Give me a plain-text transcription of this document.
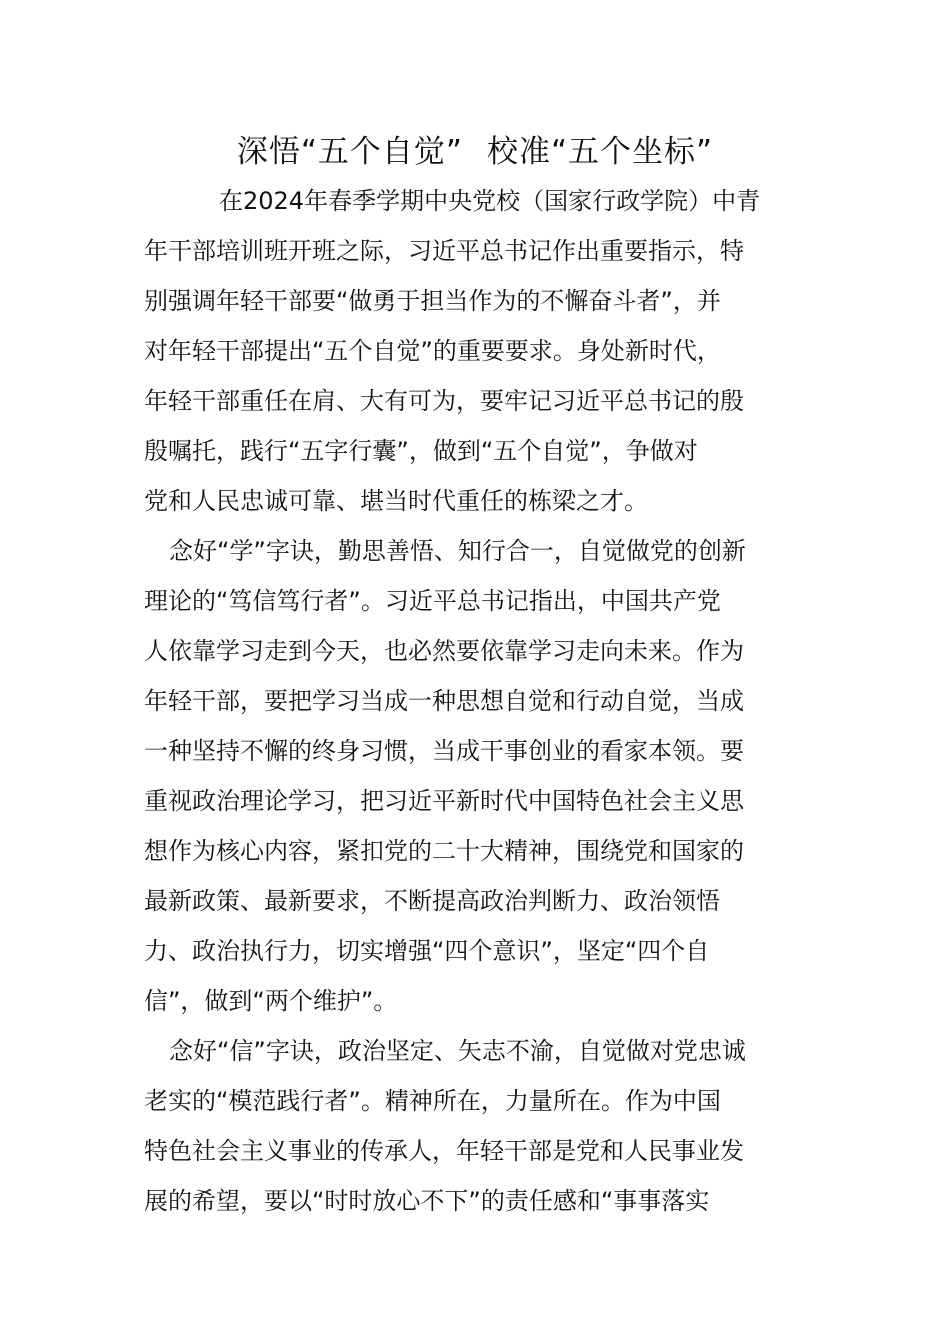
深悟“五个自觉” 校准“五个坐标”
在2024年春季学期中央党校（国家行政学院）中青
年干部培训班开班之际，习近平总书记作出重要指示，特
别强调年轻干部要“做勇于担当作为的不懈奋斗者”，并
对年轻干部提出“五个自觉”的重要要求。身处新时代，
年轻干部重任在肩、大有可为，要牢记习近平总书记的殷
殷嘱托，践行“五字行囊”，做到“五个自觉”，争做对
党和人民忠诚可靠、堪当时代重任的栋梁之才。
念好“学”字诀，勤思善悟、知行合一，自觉做党的创新
理论的“笃信笃行者”。习近平总书记指出，中国共产党
人依靠学习走到今天，也必然要依靠学习走向未来。作为
年轻干部，要把学习当成一种思想自觉和行动自觉，当成
一种坚持不懈的终身习惯，当成干事创业的看家本领。要
重视政治理论学习，把习近平新时代中国特色社会主义思
想作为核心内容，紧扣党的二十大精神，围绕党和国家的
最新政策、最新要求，不断提高政治判断力、政治领悟
力、政治执行力，切实增强“四个意识”，坚定“四个自
信”，做到“两个维护”。
念好“信”字诀，政治坚定、矢志不渝，自觉做对党忠诚
老实的“模范践行者”。精神所在，力量所在。作为中国
特色社会主义事业的传承人，年轻干部是党和人民事业发
展的希望，要以“时时放心不下”的责任感和“事事落实
